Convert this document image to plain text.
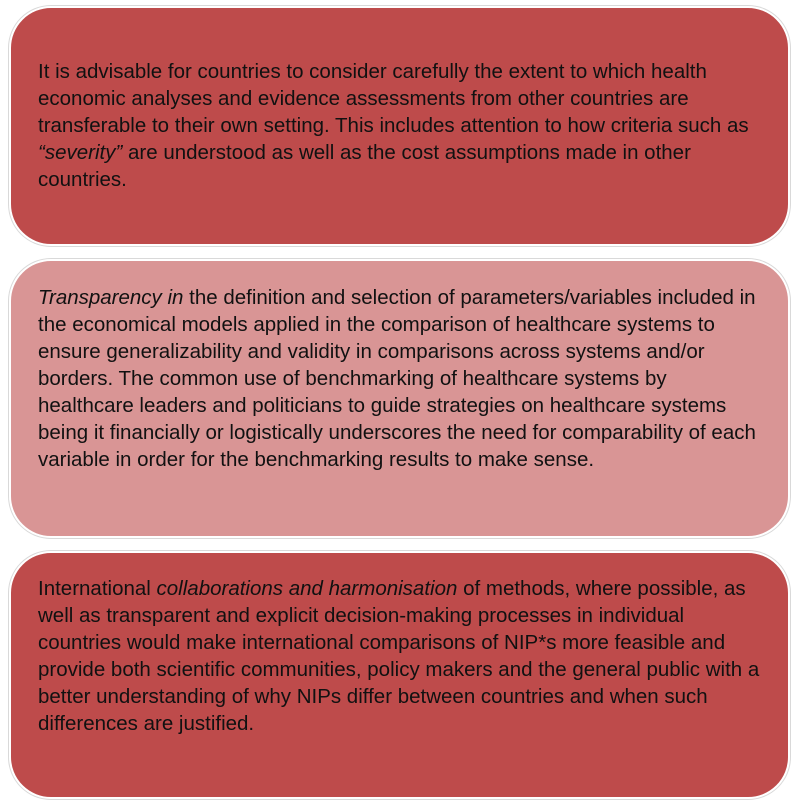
It is advisable for countries to consider carefully the extent to which health economic analyses and evidence assessments from other countries are transferable to their own setting. This includes attention to how criteria such as “severity” are understood as well as the cost assumptions made in other countries.

Transparency in the definition and selection of parameters/variables included in the economical models applied in the comparison of healthcare systems to ensure generalizability and validity in comparisons across systems and/or borders. The common use of benchmarking of healthcare systems by healthcare leaders and politicians to guide strategies on healthcare systems being it financially or logistically underscores the need for comparability of each variable in order for the benchmarking results to make sense.

International collaborations and harmonisation of methods, where possible, as well as transparent and explicit decision-making processes in individual countries would make international comparisons of NIP*s more feasible and provide both scientific communities, policy makers and the general public with a better understanding of why NIPs differ between countries and when such differences are justified.
